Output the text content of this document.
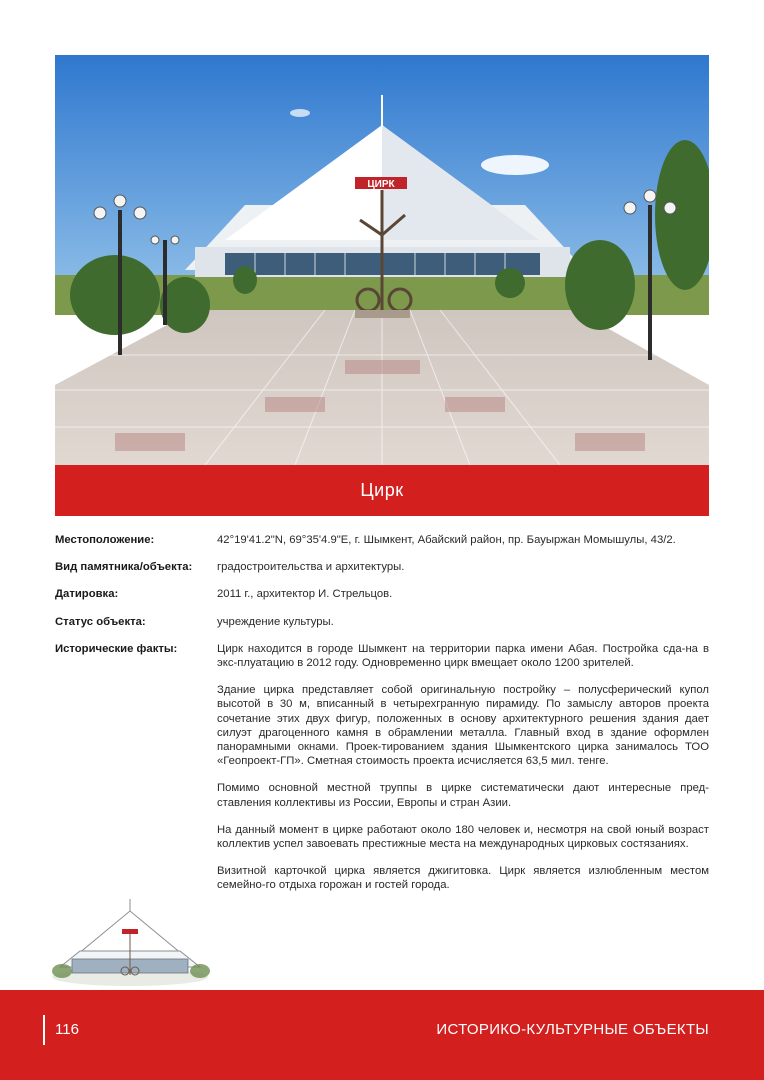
ЦИРК
Цирк
Местоположение:	42°19'41.2"N, 69°35'4.9"E, г. Шымкент, Абайский район, пр. Бауыржан Момышулы, 43/2.
Вид памятника/объекта:	градостроительства и архитектуры.
Датировка:	2011 г., архитектор И. Стрельцов.
Статус объекта:	учреждение культуры.
Исторические факты:	Цирк находится в городе Шымкент на территории парка имени Абая. Постройка сда-на в экс-плуатацию в 2012 году. Одновременно цирк вмещает около 1200 зрителей.

Здание цирка представляет собой оригинальную постройку – полусферический купол высотой в 30 м, вписанный в четырехгранную пирамиду. По замыслу авторов проекта сочетание этих двух фигур, положенных в основу архитектурного решения здания дает силуэт драгоценного камня в обрамлении металла. Главный вход в здание оформлен панорамными окнами. Проек-тированием здания Шымкентского цирка занималось ТОО «Геопроект-ГП». Сметная стоимость проекта исчисляется 63,5 мил. тенге.

Помимо основной местной труппы в цирке систематически дают интересные пред-ставления коллективы из России, Европы и стран Азии.

На данный момент в цирке работают около 180 человек и, несмотря на свой юный возраст коллектив успел завоевать престижные места на международных цирковых состязаниях.

Визитной карточкой цирка является джигитовка. Цирк является излюбленным местом семейно-го отдыха горожан и гостей города.

116	ИСТОРИКО-КУЛЬТУРНЫЕ ОБЪЕКТЫ
